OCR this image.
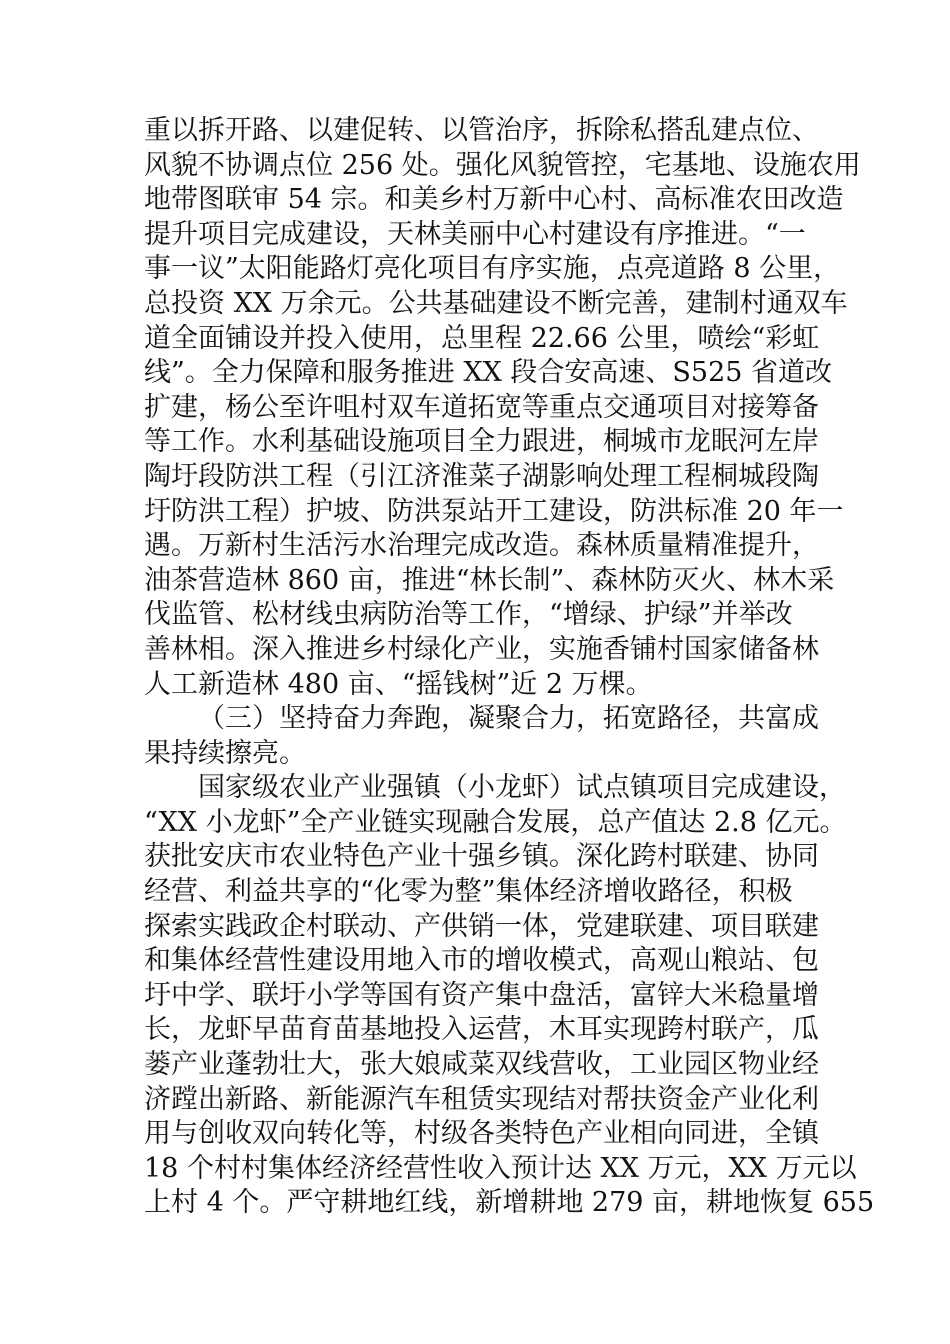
重以拆开路、以建促转、以管治序，拆除私搭乱建点位、
风貌不协调点位 256 处。强化风貌管控，宅基地、设施农用
地带图联审 54 宗。和美乡村万新中心村、高标准农田改造
提升项目完成建设，天林美丽中心村建设有序推进。“一
事一议”太阳能路灯亮化项目有序实施，点亮道路 8 公里，
总投资 XX 万余元。公共基础建设不断完善，建制村通双车
道全面铺设并投入使用，总里程 22.66 公里，喷绘“彩虹
线”。全力保障和服务推进 XX 段合安高速、S525 省道改
扩建，杨公至许咀村双车道拓宽等重点交通项目对接筹备
等工作。水利基础设施项目全力跟进，桐城市龙眠河左岸
陶圩段防洪工程（引江济淮菜子湖影响处理工程桐城段陶
圩防洪工程）护坡、防洪泵站开工建设，防洪标准 20 年一
遇。万新村生活污水治理完成改造。森林质量精准提升，
油茶营造林 860 亩，推进“林长制”、森林防灭火、林木采
伐监管、松材线虫病防治等工作，“增绿、护绿”并举改
善林相。深入推进乡村绿化产业，实施香铺村国家储备林
人工新造林 480 亩、“摇钱树”近 2 万棵。
（三）坚持奋力奔跑，凝聚合力，拓宽路径，共富成
果持续擦亮。
国家级农业产业强镇（小龙虾）试点镇项目完成建设，
“XX 小龙虾”全产业链实现融合发展，总产值达 2.8 亿元。
获批安庆市农业特色产业十强乡镇。深化跨村联建、协同
经营、利益共享的“化零为整”集体经济增收路径，积极
探索实践政企村联动、产供销一体，党建联建、项目联建
和集体经营性建设用地入市的增收模式，高观山粮站、包
圩中学、联圩小学等国有资产集中盘活，富锌大米稳量增
长，龙虾早苗育苗基地投入运营，木耳实现跨村联产，瓜
蒌产业蓬勃壮大，张大娘咸菜双线营收，工业园区物业经
济蹚出新路、新能源汽车租赁实现结对帮扶资金产业化利
用与创收双向转化等，村级各类特色产业相向同进，全镇
18 个村村集体经济经营性收入预计达 XX 万元，XX 万元以
上村 4 个。严守耕地红线，新增耕地 279 亩，耕地恢复 655
